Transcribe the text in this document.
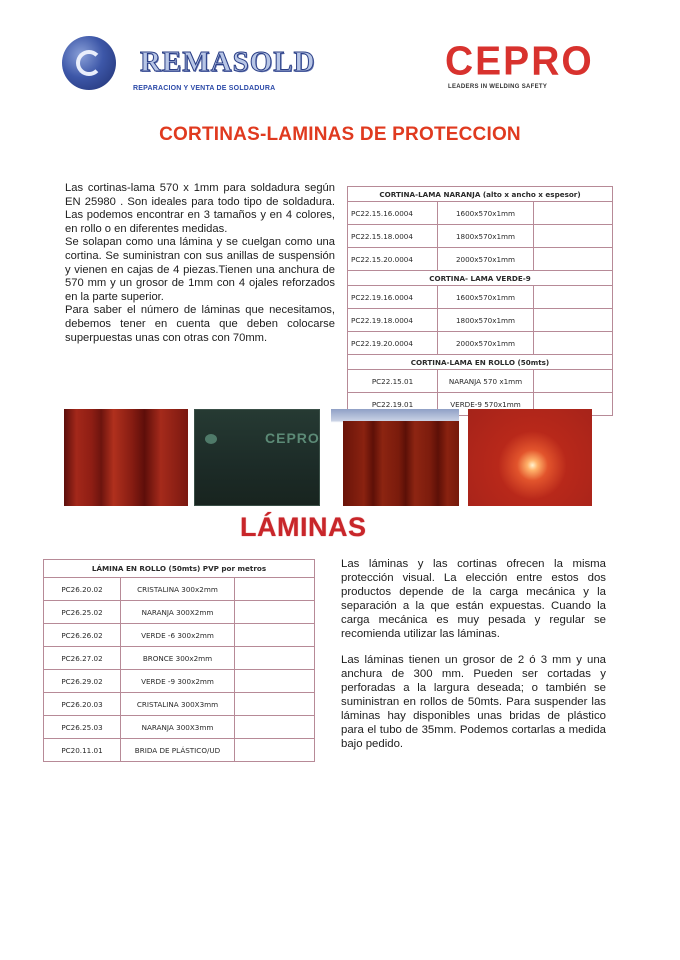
REMASOLD
REPARACION Y VENTA DE SOLDADURA
CEPRO
LEADERS IN WELDING SAFETY
CORTINAS-LAMINAS DE PROTECCION

Las cortinas-lama 570 x 1mm para soldadura según EN 25980 . Son ideales para todo tipo de soldadura. Las podemos encontrar en 3 tamaños y en 4 colores, en rollo o en diferentes medidas.

Se solapan como una lámina y se cuelgan como una cortina. Se suministran con sus anillas de suspensión y vienen en cajas de 4 piezas.Tienen una anchura de 570 mm y un grosor de 1mm con 4 ojales reforzados en la parte superior.

Para saber el número de láminas que necesitamos, debemos tener en cuenta que deben colocarse superpuestas unas con otras con 70mm.

CORTINA-LAMA NARANJA (alto x ancho x espesor)		
PC22.15.16.0004	1600x570x1mm	
PC22.15.18.0004	1800x570x1mm	
PC22.15.20.0004	2000x570x1mm	
CORTINA- LAMA VERDE-9		
PC22.19.16.0004	1600x570x1mm	
PC22.19.18.0004	1800x570x1mm	
PC22.19.20.0004	2000x570x1mm	
CORTINA-LAMA EN ROLLO (50mts)		
PC22.15.01	NARANJA 570 x1mm	
PC22.19.01	VERDE-9 570x1mm	
CEPRO
LÁMINAS
LÁMINA EN ROLLO (50mts) PVP por metros		
PC26.20.02	CRISTALINA 300x2mm	
PC26.25.02	NARANJA 300X2mm	
PC26.26.02	VERDE -6 300x2mm	
PC26.27.02	BRONCE 300x2mm	
PC26.29.02	VERDE -9 300x2mm	
PC26.20.03	CRISTALINA 300X3mm	
PC26.25.03	NARANJA 300X3mm	
PC20.11.01	BRIDA DE PLÁSTICO/UD	

Las láminas y las cortinas ofrecen la misma protección visual. La elección entre estos dos productos depende de la carga mecánica y la separación a la que están expuestas. Cuando la carga mecánica es muy pesada y regular se recomienda utilizar las láminas.

Las láminas tienen un grosor de 2 ó 3 mm y una anchura de 300 mm. Pueden ser cortadas y perforadas a la largura deseada; o también se suministran en rollos de 50mts. Para suspender las láminas hay disponibles unas bridas de plástico para el tubo de 35mm. Podemos cortarlas a medida bajo pedido.
